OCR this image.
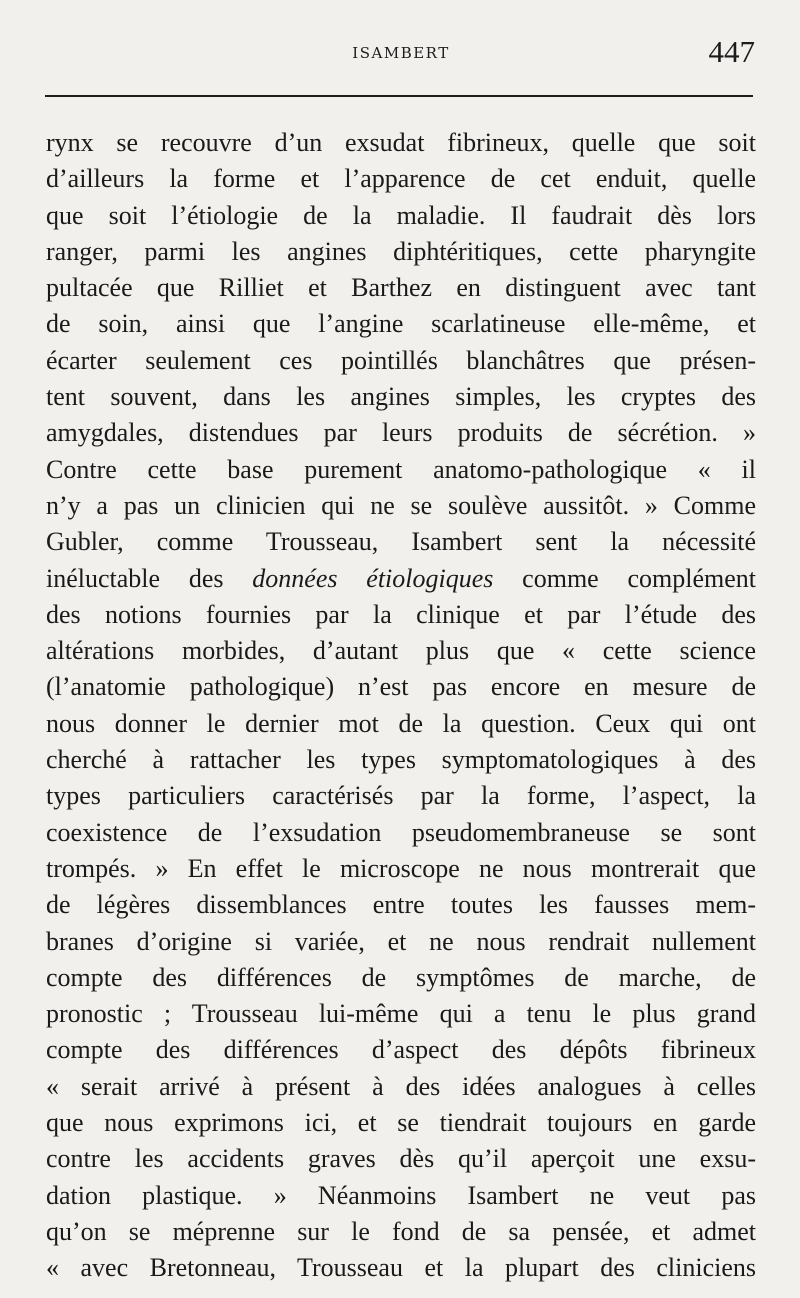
ISAMBERT	447
rynx se recouvre d’un exsudat fibrineux, quelle que soit
d’ailleurs la forme et l’apparence de cet enduit, quelle
que soit l’étiologie de la maladie. Il faudrait dès lors
ranger, parmi les angines diphtéritiques, cette pharyngite
pultacée que Rilliet et Barthez en distinguent avec tant
de soin, ainsi que l’angine scarlatineuse elle-même, et
écarter seulement ces pointillés blanchâtres que présen-
tent souvent, dans les angines simples, les cryptes des
amygdales, distendues par leurs produits de sécrétion. »
Contre cette base purement anatomo-pathologique « il
n’y a pas un clinicien qui ne se soulève aussitôt. » Comme
Gubler, comme Trousseau, Isambert sent la nécessité
inéluctable des données étiologiques comme complément
des notions fournies par la clinique et par l’étude des
altérations morbides, d’autant plus que « cette science
(l’anatomie pathologique) n’est pas encore en mesure de
nous donner le dernier mot de la question. Ceux qui ont
cherché à rattacher les types symptomatologiques à des
types particuliers caractérisés par la forme, l’aspect, la
coexistence de l’exsudation pseudomembraneuse se sont
trompés. » En effet le microscope ne nous montrerait que
de légères dissemblances entre toutes les fausses mem-
branes d’origine si variée, et ne nous rendrait nullement
compte des différences de symptômes de marche, de
pronostic ; Trousseau lui-même qui a tenu le plus grand
compte des différences d’aspect des dépôts fibrineux
« serait arrivé à présent à des idées analogues à celles
que nous exprimons ici, et se tiendrait toujours en garde
contre les accidents graves dès qu’il aperçoit une exsu-
dation plastique. » Néanmoins Isambert ne veut pas
qu’on se méprenne sur le fond de sa pensée, et admet
« avec Bretonneau, Trousseau et la plupart des cliniciens
